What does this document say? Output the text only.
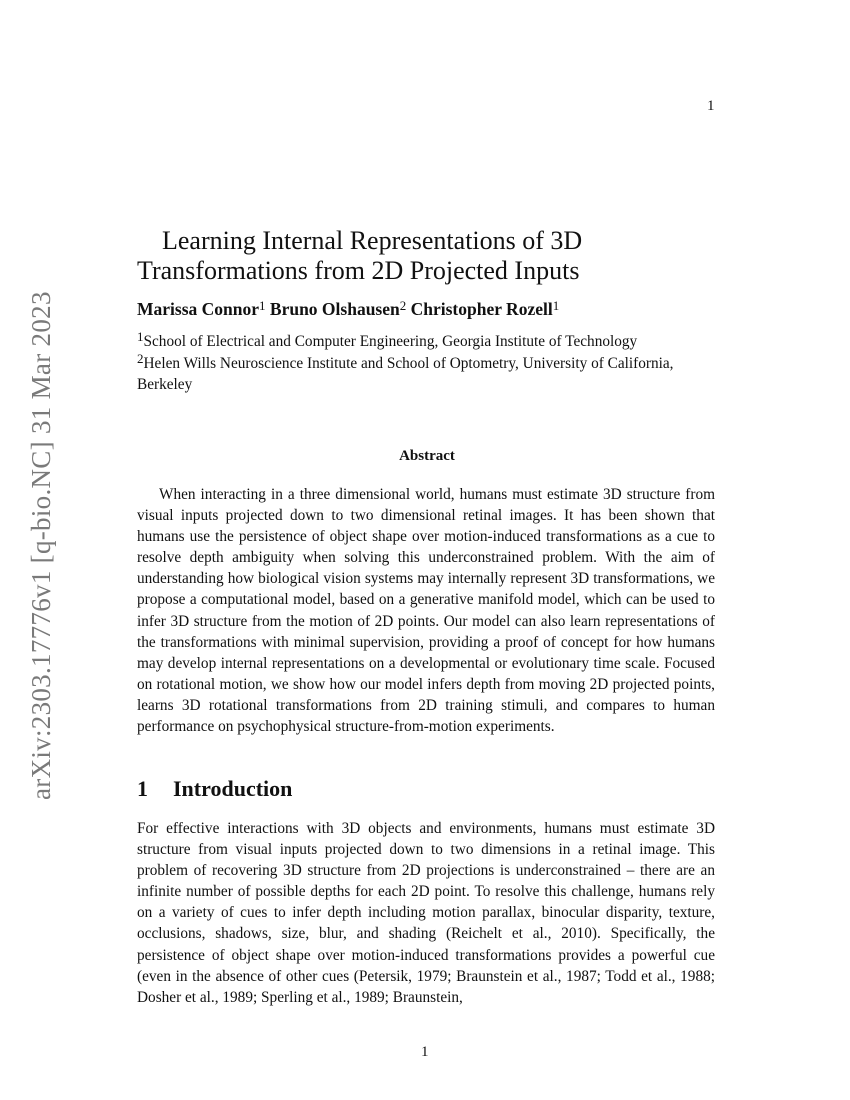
1
arXiv:2303.17776v1 [q-bio.NC] 31 Mar 2023
Learning Internal Representations of 3D Transformations from 2D Projected Inputs
Marissa Connor$^1$ Bruno Olshausen$^2$ Christopher Rozell$^1$
$^1$School of Electrical and Computer Engineering, Georgia Institute of Technology
$^2$Helen Wills Neuroscience Institute and School of Optometry, University of California, Berkeley
Abstract

When interacting in a three dimensional world, humans must estimate 3D structure from visual inputs projected down to two dimensional retinal images. It has been shown that humans use the persistence of object shape over motion-induced transformations as a cue to resolve depth ambiguity when solving this underconstrained problem. With the aim of understanding how biological vision systems may internally represent 3D transformations, we propose a computational model, based on a generative manifold model, which can be used to infer 3D structure from the motion of 2D points. Our model can also learn representations of the transformations with minimal supervision, providing a proof of concept for how humans may develop internal representations on a developmental or evolutionary time scale. Focused on rotational motion, we show how our model infers depth from moving 2D projected points, learns 3D rotational transformations from 2D training stimuli, and compares to human performance on psychophysical structure-from-motion experiments.

1 Introduction

For effective interactions with 3D objects and environments, humans must estimate 3D structure from visual inputs projected down to two dimensions in a retinal image. This problem of recovering 3D structure from 2D projections is underconstrained – there are an infinite number of possible depths for each 2D point. To resolve this challenge, humans rely on a variety of cues to infer depth including motion parallax, binocular disparity, texture, occlusions, shadows, size, blur, and shading (Reichelt et al., 2010). Specifically, the persistence of object shape over motion-induced transformations provides a powerful cue (even in the absence of other cues (Petersik, 1979; Braunstein et al., 1987; Todd et al., 1988; Dosher et al., 1989; Sperling et al., 1989; Braunstein,

1
